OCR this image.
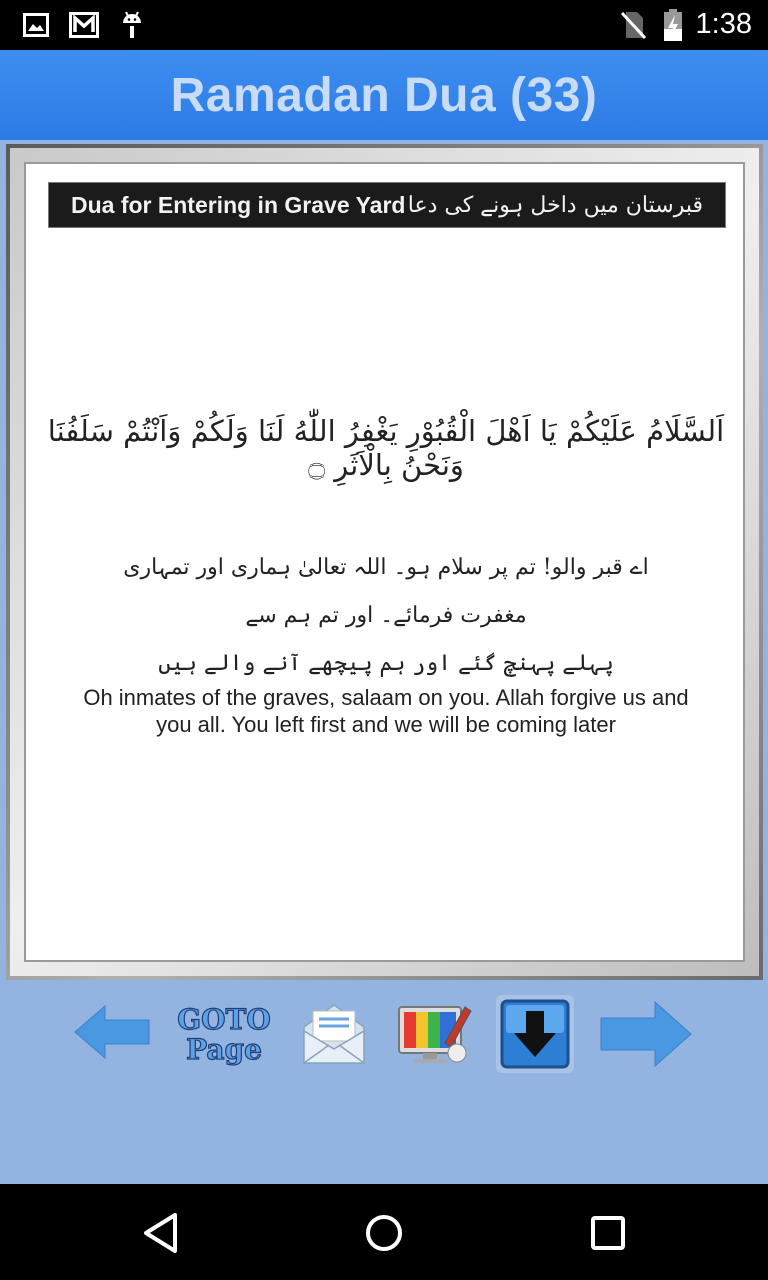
1:38
Ramadan Dua (33)
Dua for Entering in Grave Yard قبرستان میں داخل ہونے کی دعا
اَلسَّلَامُ عَلَيْكُمْ يَا اَهْلَ الْقُبُوْرِ يَغْفِرُ اللّٰهُ لَنَا وَلَكُمْ وَاَنْتُمْ سَلَفُنَا وَنَحْنُ بِالْاَثَرِ ۝
اے قبر والو! تم پر سلام ہو۔ اللہ تعالیٰ ہماری اور تمہاری مغفرت فرمائے۔ اور تم ہم سے
پہلے پہنچ گئے اور ہم پیچھے آنے والے ہیں
Oh inmates of the graves, salaam on you. Allah forgive us and you all. You left first and we will be coming later
GOTO
Page
